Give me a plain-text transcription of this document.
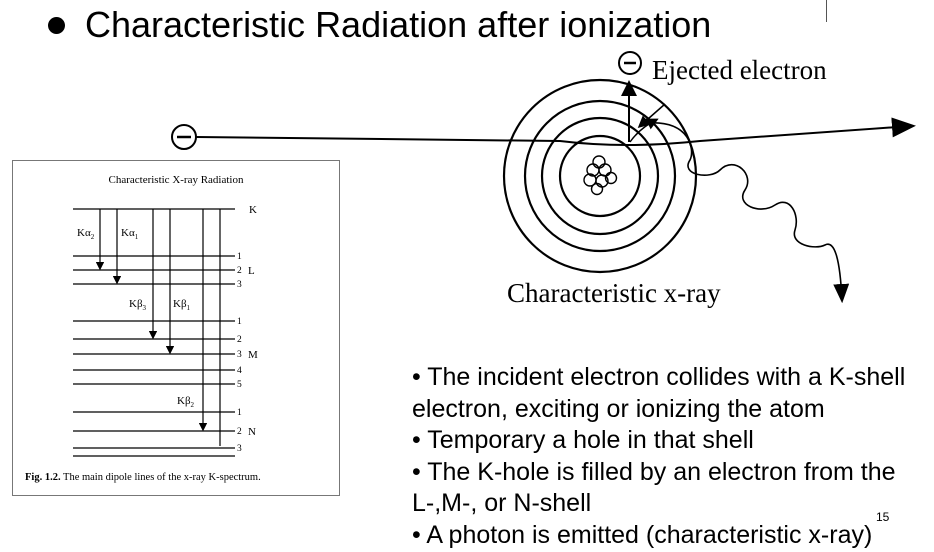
Characteristic Radiation after ionization
Ejected electron
Characteristic x-ray
Characteristic X-ray Radiation
$K\alpha_2$ $K\alpha_1$
$K\beta_3$ $K\beta_1$
$K\beta_2$
1
2
3
1
2
3
4
5
1
2
3
K
L
M
N
Fig. 1.2. The main dipole lines of the x-ray K-spectrum.
• The incident electron collides with a K-shell electron, exciting or ionizing the atom
• Temporary a hole in that shell
• The K-hole is filled by an electron from the L-,M-, or N-shell
• A photon is emitted (characteristic x-ray)
15
